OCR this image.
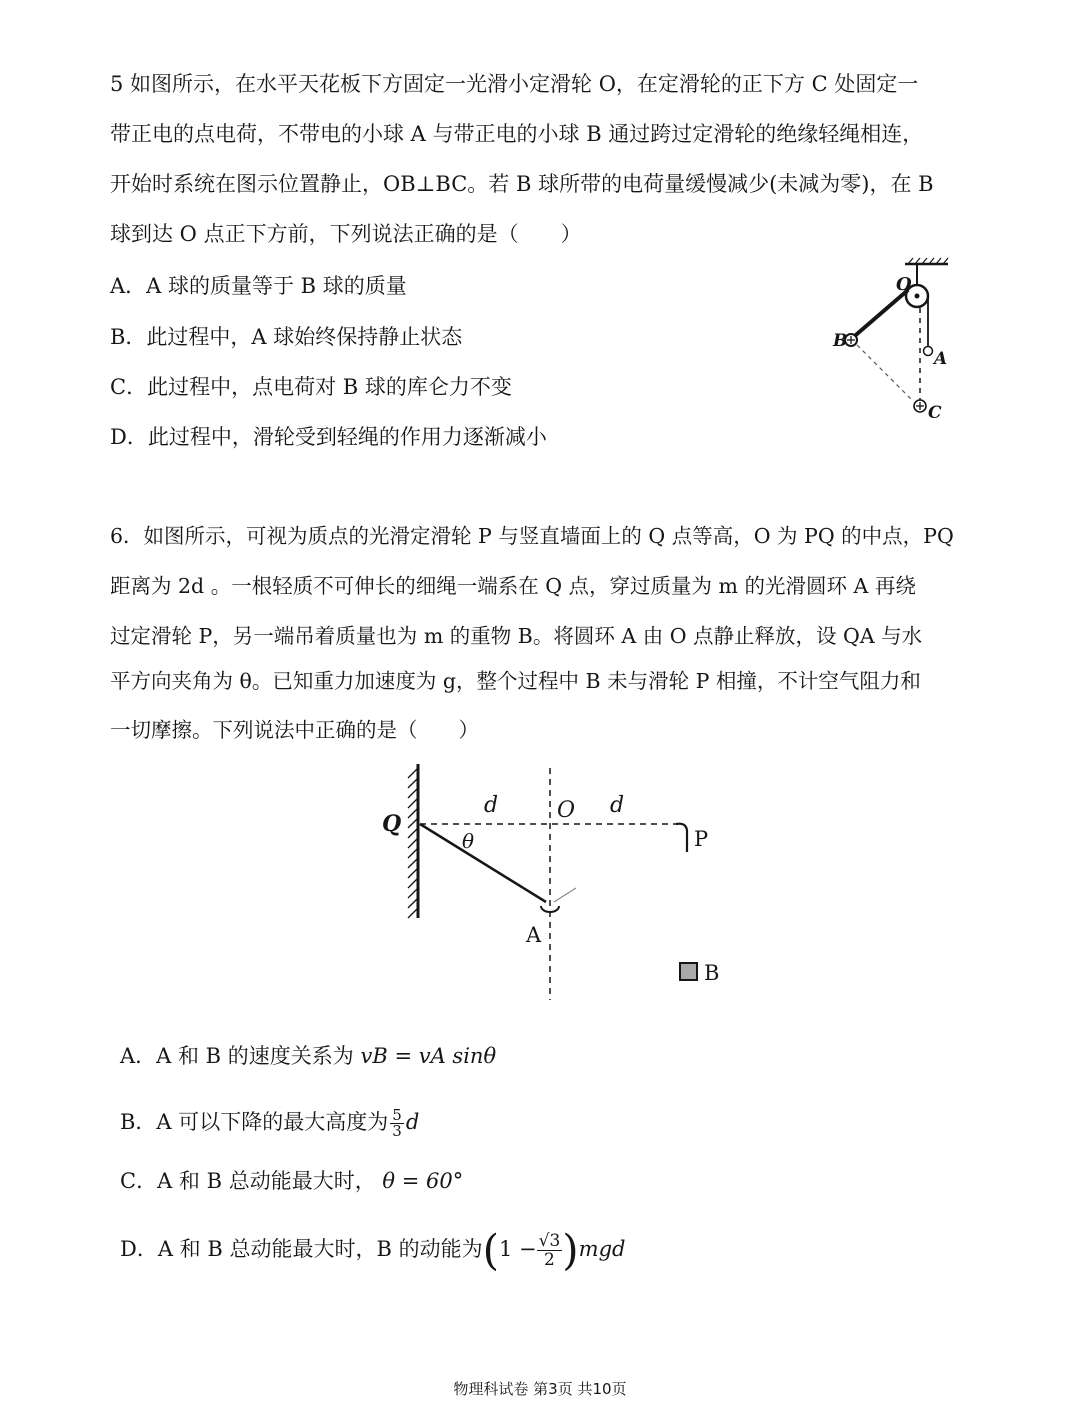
5 如图所示，在水平天花板下方固定一光滑小定滑轮 O，在定滑轮的正下方 C 处固定一
带正电的点电荷，不带电的小球 A 与带正电的小球 B 通过跨过定滑轮的绝缘轻绳相连，
开始时系统在图示位置静止，OB⊥BC。若 B 球所带的电荷量缓慢减少(未减为零)，在 B
球到达 O 点正下方前，下列说法正确的是（　　）
A．A 球的质量等于 B 球的质量
B．此过程中，A 球始终保持静止状态
C．此过程中，点电荷对 B 球的库仑力不变
D．此过程中，滑轮受到轻绳的作用力逐渐减小
O
B
A
C
6．如图所示，可视为质点的光滑定滑轮 P 与竖直墙面上的 Q 点等高，O 为 PQ 的中点，PQ
距离为 2d 。一根轻质不可伸长的细绳一端系在 Q 点，穿过质量为 m 的光滑圆环 A 再绕
过定滑轮 P，另一端吊着质量也为 m 的重物 B。将圆环 A 由 O 点静止释放，设 QA 与水
平方向夹角为 θ。已知重力加速度为 g，整个过程中 B 未与滑轮 P 相撞，不计空气阻力和
一切摩擦。下列说法中正确的是（　　）
Q
d	O d
P
θ
A
B
A．A 和 B 的速度关系为 vB = vA sinθ
B．A 可以下降的最大高度为 $\frac{5}{3}$ d
C．A 和 B 总动能最大时， θ = 60°
D．A 和 B 总动能最大时，B 的动能为$(1 - \frac{√3}{2})mgd$
物理科试卷 第3页 共10页
